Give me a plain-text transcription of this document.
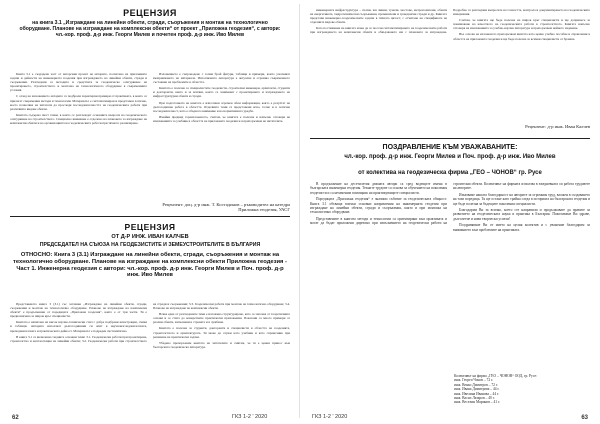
РЕЦЕНЗИЯ
на книга 3.1 „Изграждане на линейни обекти, сгради, съоръжения и монтаж на технологично оборудване. Планове на изграждане на комплексни обекти“ от проект „Приложна геодезия“, с автори: чл.-кор. проф. д-р инж. Георги Милев и почетен проф. д-р инж. Иво Милев

Книга 3.1 е създадена част от авторския проект на авторите, посветена на приложните задачи и дейности на инженерната геодезия при изграждането на линейни обекти, сгради и съоръжения. Разгледани са методите и средствата за геодезическо осигуряване на проектирането, строителството и монтажа на технологичното оборудване в съвременните условия.

С оглед на изложението авторите са подбрали характерни примери от практиката, в които се прилагат съвременни методи и технологии. Материалът е систематизиран и представен логично, което позволява на читателя да проследи последователността на геодезическите работи при различните видове обекти.

Книгата съдържа шест глави, в които се разглеждат основните въпроси на геодезическото осигуряване на строителството. Специално внимание е отделено на плановете за изграждане на комплексни обекти и на организацията на геодезическите работи при тяхното реализиране.

Изложението е съпроводено с голям брой фигури, таблици и примери, които улесняват възприемането на материала. Използваната литература е актуална и отразява съвременното състояние на проблемите в областта.

Книгата е полезна за специалистите геодезисти, строителни инженери, архитекти, студенти и докторанти, както и за всички, които се занимават с проектирането и изграждането на инфраструктурни обекти и сгради.

При подготовката на книгата е използван огромен обем информация, която е резултат на дългогодишна работа в областта. Отделните теми са представени ясно, точно и в логична последователност, като е обърнато внимание и на нормативната уредба.

Имайки предвид гореизложеното, считам, че книгата е полезна и напълно отговаря на изискванията за учебник в областта на приложната геодезия и я препоръчвам на читателите.

Рецензент: доц. д-р инж. Т. Костадинов – ръководител на катедра Приложна геодезия, УАСГ
РЕЦЕНЗИЯ
ОТ Д-Р ИНЖ. ИВАН КАЛЧЕВ
ПРЕДСЕДАТЕЛ НА СЪЮЗА НА ГЕОДЕЗИСТИТЕ И ЗЕМЕУСТРОИТЕЛИТЕ В БЪЛГАРИЯ
ОТНОСНО: Книга 3 (3.1) Изграждане на линейни обекти, сгради, съоръжения и монтаж на технологично оборудване. Планове на изграждане на комплексни обекти Приложна геодезия - Част 1. Инженерна геодезия с автори: чл.-кор. проф. д-р инж. Георги Милев и Поч. проф. д-р инж. Иво Милев

Представената книга 3 (3.1) със заглавие „Изграждане на линейни обекти, сгради, съоръжения и монтаж на технологично оборудване. Планове на изграждане на комплексни обекти“ е продължение от поредицата „Приложна геодезия“, която е от три части. Тя е предназначена за широк кръг специалисти.

Книгата е написана на висок научно-технически стил с добре подбрани илюстрации, схеми и таблици. Авторите използват дългогодишния си опит в научноизследователската, преподавателската и практическата дейност. Материалът е подреден систематично.

В книга 3.1 са включени следните основни теми: 3.1. Геодезически работи при проектиране, строителство и експлоатация на линейни обекти; 3.2. Геодезически работи при строителството на сгради и съоръжения; 3.3. Геодезически работи при монтаж на технологично оборудване; 3.4. Планове на изграждане на комплексни обекти.

Всяка една от разгледаните теми е изложена структурирано, като се започва от теоретичните основи и се стига до конкретните практически приложения. Показани са много примери от реални обекти, изпълнени в страната и в чужбина.

Книгата е полезна за студенти, докторанти и специалисти в областта на геодезията, строителството и архитектурата. Тя може да служи като учебник и като справочник при решаване на практически задачи.

Убедено препоръчвам книгата на читателите и смятам, че тя е ценен принос към българската геодезическа литература.

62	ГКЗ 1-2 ' 2020

инженерната инфраструктура – пътни, жп линии, тунели, мостове, метрополитени, обекти на енергетиката, хидротехнически съоръжения, промишлени и граждански сгради и др. Книгата представя инженерно-геодезическите задачи в тяхната цялост, с отчитане на спецификата на отделните видове обекти.

Като постижение на книгата може да се посочи систематизирането на геодезическите работи при изграждането на комплексни обекти и обвързването им с плановете за изграждане. Подробно са разгледани въпросите на точността, контрола и документирането на геодезическите измервания.

Считам, че книгата ще бъде полезна на широк кръг специалисти и ще допринесе за повишаване на качеството на геодезическите работи в строителството. Книгата напълно отговаря на изискванията за учебно-научна литература и препоръчвам нейното издаване.

Въз основа на изложеното препоръчвам книгата като ценно учебно пособие и справочник в областта на приложната геодезия и ще бъде полезна за всички специалисти от бранша.

Рецензент: д-р инж. Иван Калчев
ПОЗДРАВЛЕНИЕ КЪМ УВАЖАВАНИТЕ:
чл.-кор. проф. д-р инж. Георги Милев и Поч. проф. д-р инж. Иво Милев
от колектива на геодезическа фирма „ГЕО – ЧОНОВ“ гр. Русе

В продължение на десетилетия двамата автори са сред водещите имена в българската инженерна геодезия. Техните трудове са основа за обучението на поколения геодезисти и са незаменим помощник на практикуващите специалисти.

Поредицата „Приложна геодезия“ е значимо събитие за геодезическата общност. Книга 3.1 обхваща всички основни направления на инженерната геодезия при изграждане на линейни обекти, сгради и съоръжения, както и при монтажа на технологично оборудване.

Представените в книгата методи и технологии са ориентирани към практиката и могат да бъдат приложени директно при изпълнението на геодезически работи на строителни обекти. Колективът на фирмата използва в ежедневната си работа трудовете на авторите.

Изказваме нашата благодарност на авторите за огромния труд, вложен в създаването на тази поредица. Тя ще остане като трайна следа в историята на българската геодезия и ще бъде полезна за бъдещите поколения специалисти.

Благодарим Ви за всичко, което сте направили и продължавате да правите за развитието на геодезическата наука и практика в България. Пожелаваме Ви здраве, дълголетие и нови творчески успехи!

Поздравяваме Ви от името на целия колектив и с уважение благодарим за вниманието към проблемите на практиката.

Колективът на фирма „ГЕО – ЧОНОВ“ ООД, гр. Русе:
инж. Георги Чонов – 72 г.
инж. Венко Димитров – 72 г.
инж. Ивана Димитрова – 44 г.
инж. Ивелина Иванова – 44 г.
инж. Васил Лазаров – 40 г.
инж. Веселин Маринов – 41 г.
ГКЗ 1-2 ' 2020	63
